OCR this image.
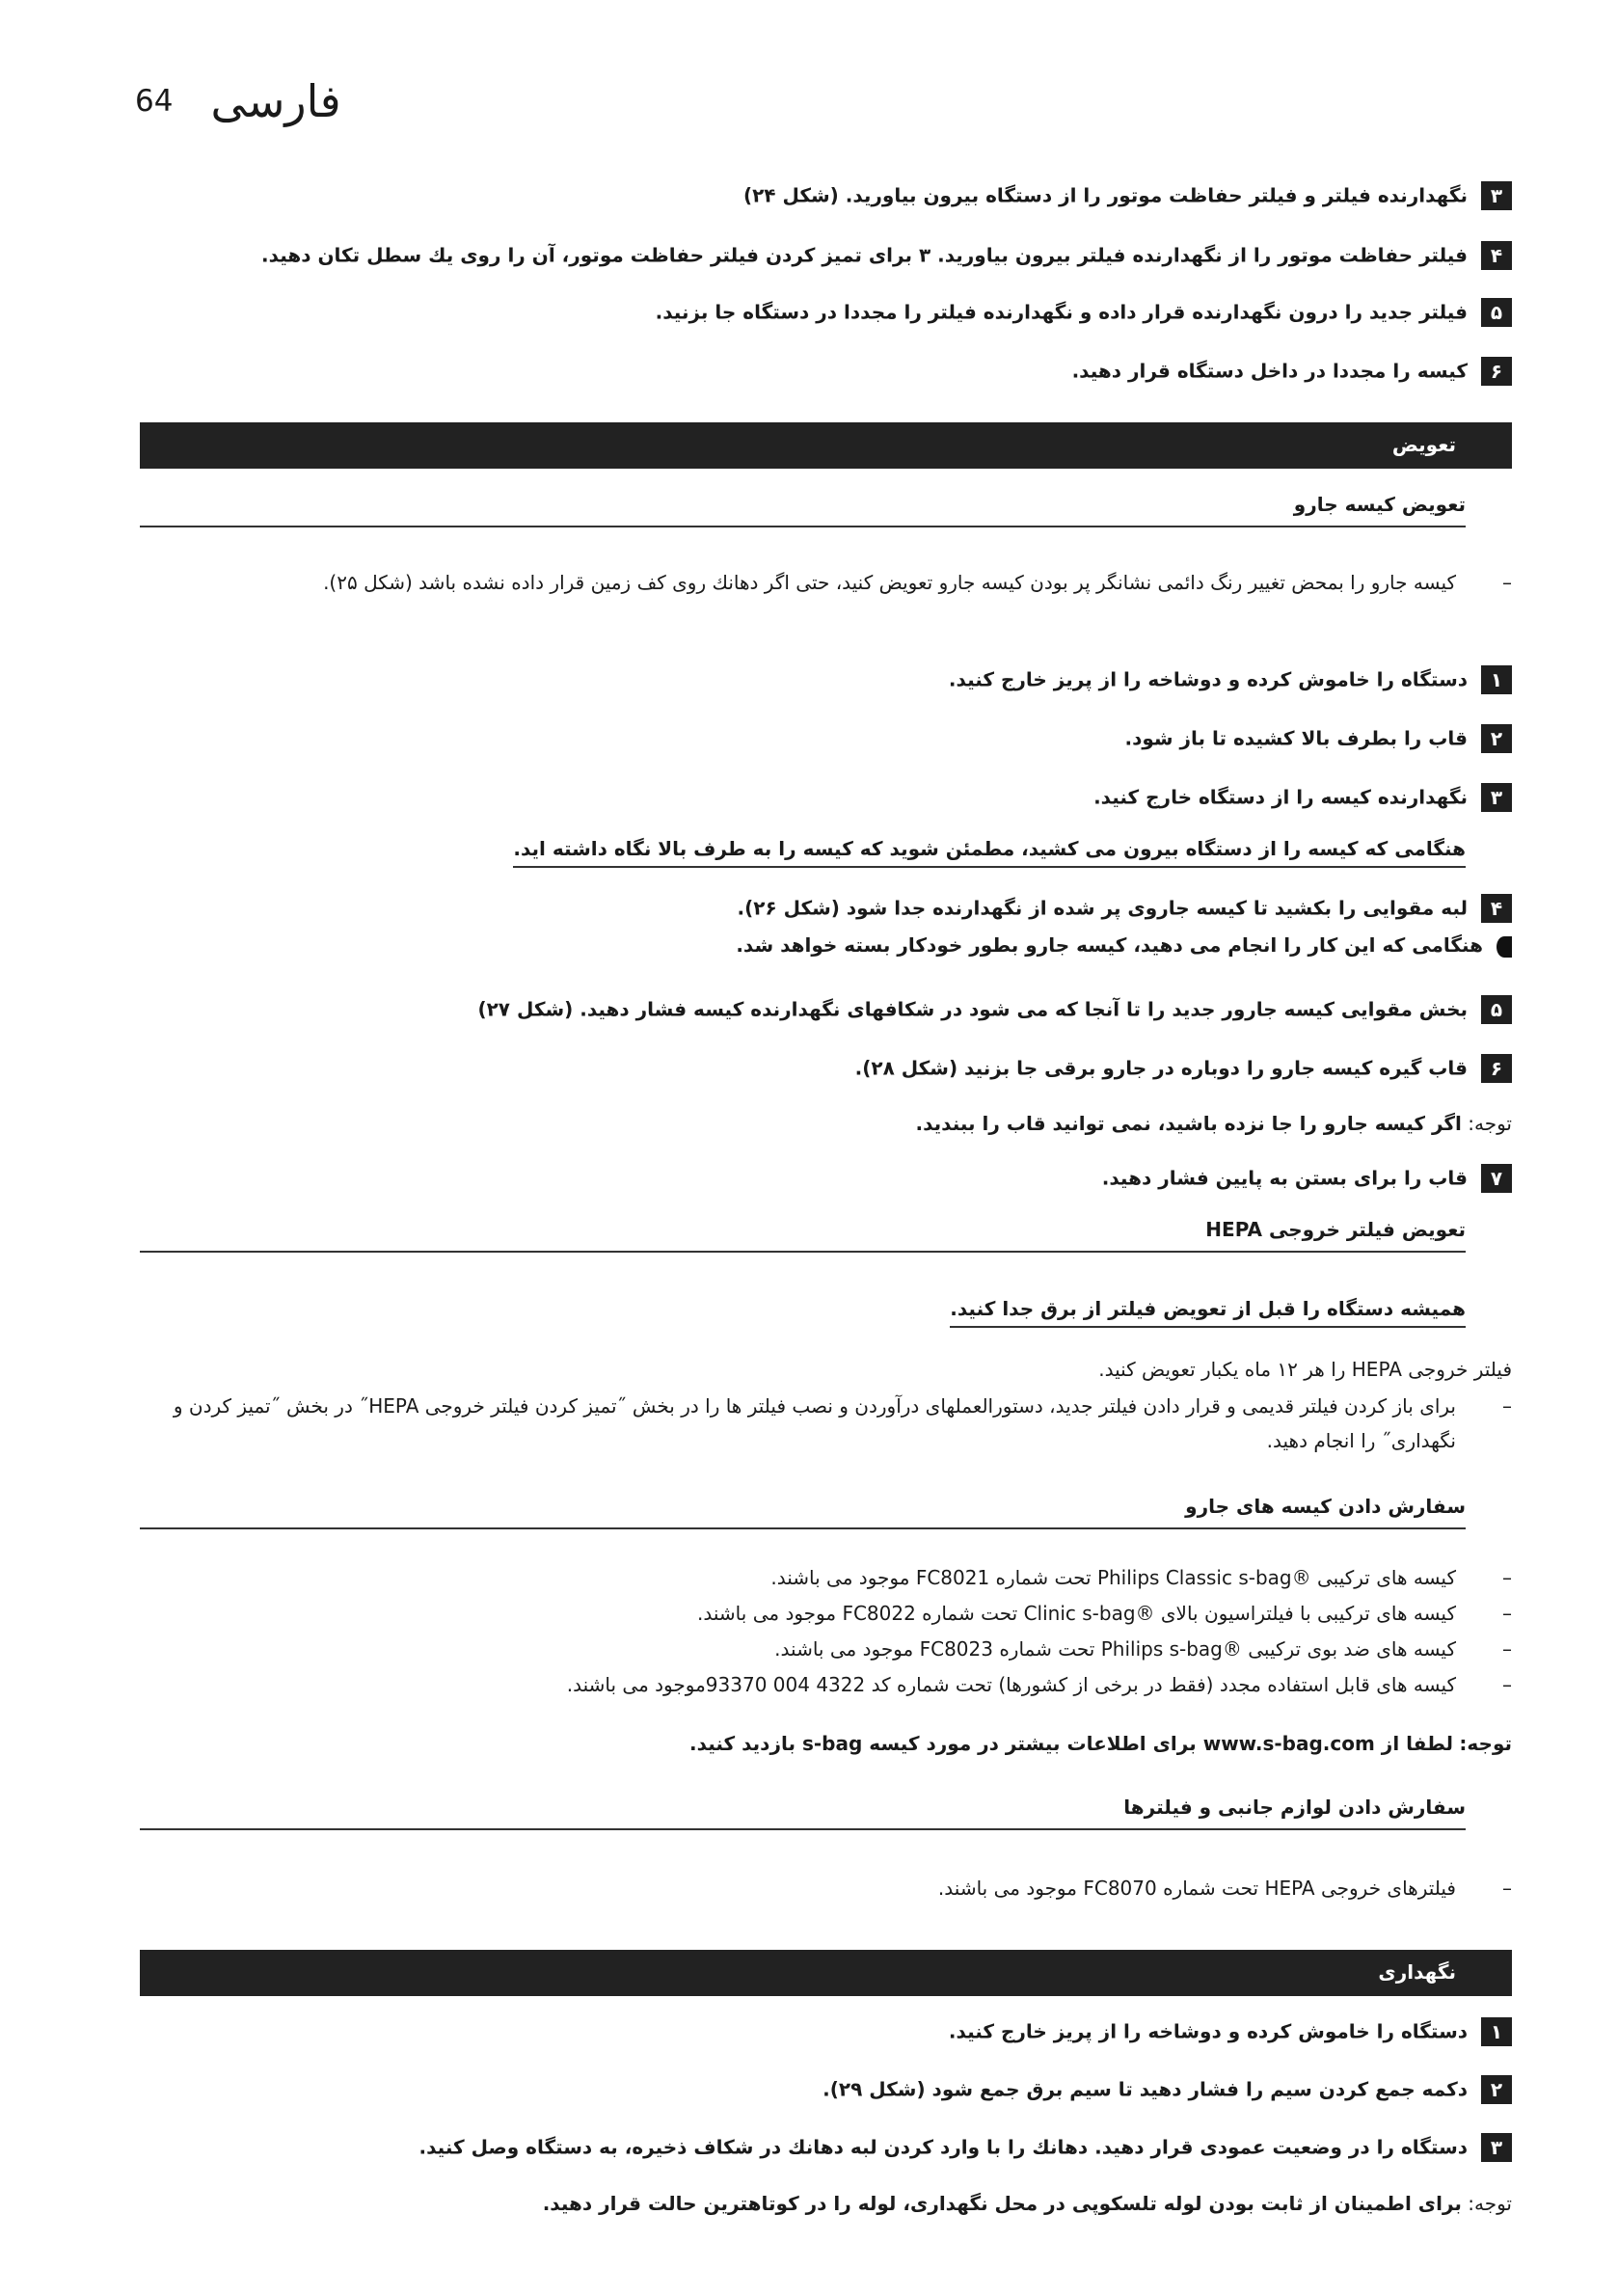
64 فارسی
۳نگهدارنده فیلتر و فیلتر حفاظت موتور را از دستگاه بیرون بیاورید. (شکل ۲۴)
۴فیلتر حفاظت موتور را از نگهدارنده فیلتر بیرون بیاورید. ۳ برای تمیز کردن فیلتر حفاظت موتور، آن را روی یك سطل تكان دهید.
۵فیلتر جدید را درون نگهدارنده قرار داده و نگهدارنده فیلتر را مجددا در دستگاه جا بزنید.
۶کیسه را مجددا در داخل دستگاه قرار دهید.
تعویض
تعویض کیسه جارو
–
کیسه جارو را بمحض تغییر رنگ دائمی نشانگر پر بودن کیسه جارو تعویض کنید، حتی اگر دهانك روی كف زمین قرار داده نشده باشد (شکل ۲۵).
۱دستگاه را خاموش کرده و دوشاخه را از پریز خارج کنید.
۲قاب را بطرف بالا کشیده تا باز شود.
۳نگهدارنده کیسه را از دستگاه خارج کنید.
هنگامی که کیسه را از دستگاه بیرون می کشید، مطمئن شوید که کیسه را به طرف بالا نگاه داشته اید.
۴لبه مقوایی را بکشید تا کیسه جاروی پر شده از نگهدارنده جدا شود (شکل ۲۶).
هنگامی که این کار را انجام می دهید، کیسه جارو بطور خودکار بسته خواهد شد.
۵بخش مقوایی کیسه جارور جدید را تا آنجا که می شود در شکافهای نگهدارنده کیسه فشار دهید. (شکل ۲۷)
۶قاب گیره کیسه جارو را دوباره در جارو برقی جا بزنید (شکل ۲۸).
توجه: اگر کیسه جارو را جا نزده باشید، نمی توانید قاب را ببندید.
۷قاب را برای بستن به پایین فشار دهید.
تعویض فیلتر خروجی HEPA
همیشه دستگاه را قبل از تعویض فیلتر از برق جدا کنید.
فیلتر خروجی HEPA را هر ۱۲ ماه یکبار تعویض کنید.
–
برای باز کردن فیلتر قدیمی و قرار دادن فیلتر جدید، دستورالعملهای درآوردن و نصب فیلتر ها را در بخش ˝تمیز کردن فیلتر خروجی HEPA˝ در بخش ˝تمیز کردن و نگهداری˝ را انجام دهید.
سفارش دادن کیسه های جارو
–
کیسه های ترکیبی ®Philips Classic s-bag تحت شماره FC8021 موجود می باشند.
–
کیسه های ترکیبی با فیلتراسیون بالای ®Clinic s-bag تحت شماره FC8022 موجود می باشند.
–
کیسه های ضد بوی ترکیبی ®Philips s-bag تحت شماره FC8023 موجود می باشند.
–
کیسه های قابل استفاده مجدد (فقط در برخی از کشورها) تحت شماره کد 4322 004 93370موجود می باشند.
توجه: لطفا از www.s-bag.com برای اطلاعات بیشتر در مورد کیسه s-bag بازدید کنید.
سفارش دادن لوازم جانبی و فیلترها
–
فیلترهای خروجی HEPA تحت شماره FC8070 موجود می باشند.
نگهداری
۱دستگاه را خاموش کرده و دوشاخه را از پریز خارج کنید.
۲دکمه جمع کردن سیم را فشار دهید تا سیم برق جمع شود (شکل ۲۹).
۳دستگاه را در وضعیت عمودی قرار دهید. دهانك را با وارد كردن لبه دهانك در شكاف ذخیره، به دستگاه وصل كنید.
توجه: برای اطمینان از ثابت بودن لوله تلسكوپی در محل نگهداری، لوله را در كوتاهترین حالت قرار دهید.
